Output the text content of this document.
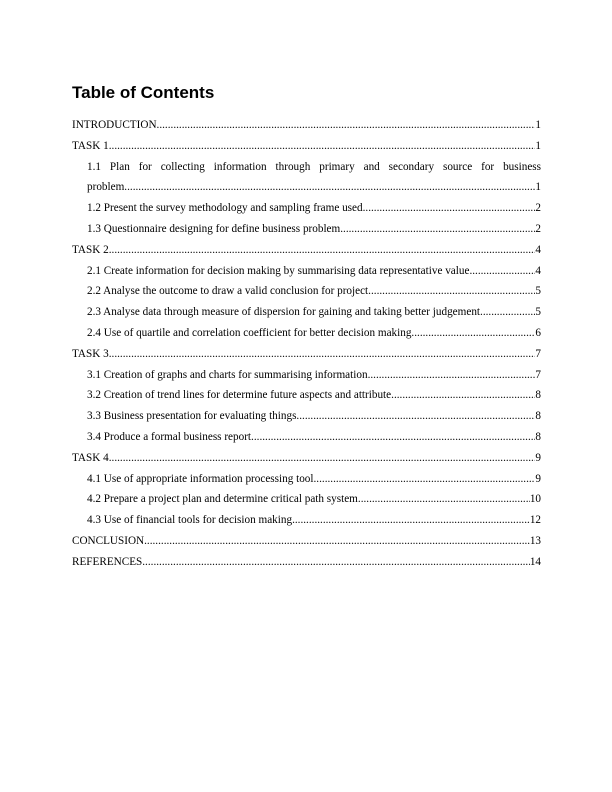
Table of Contents
INTRODUCTION .....	1
TASK 1 .....	1
1.1 Plan for collecting information through primary and secondary source for business
problem .....	1
1.2 Present the survey methodology and sampling frame used .....	2
1.3 Questionnaire designing for define business problem .....	2
TASK 2 .....	4
2.1 Create information for decision making by summarising data representative value .....	4
2.2 Analyse the outcome to draw a valid conclusion for project .....	5
2.3 Analyse data through measure of dispersion for gaining and taking better judgement .....	5
2.4 Use of quartile and correlation coefficient for better decision making .....	6
TASK 3 .....	7
3.1 Creation of graphs and charts for summarising information .....	7
3.2 Creation of trend lines for determine future aspects and attribute .....	8
3.3 Business presentation for evaluating things .....	8
3.4 Produce a formal business report .....	8
TASK 4 .....	9
4.1 Use of appropriate information processing tool .....	9
4.2 Prepare a project plan and determine critical path system .....	10
4.3 Use of financial tools for decision making .....	12
CONCLUSION .....	13
REFERENCES .....	14
